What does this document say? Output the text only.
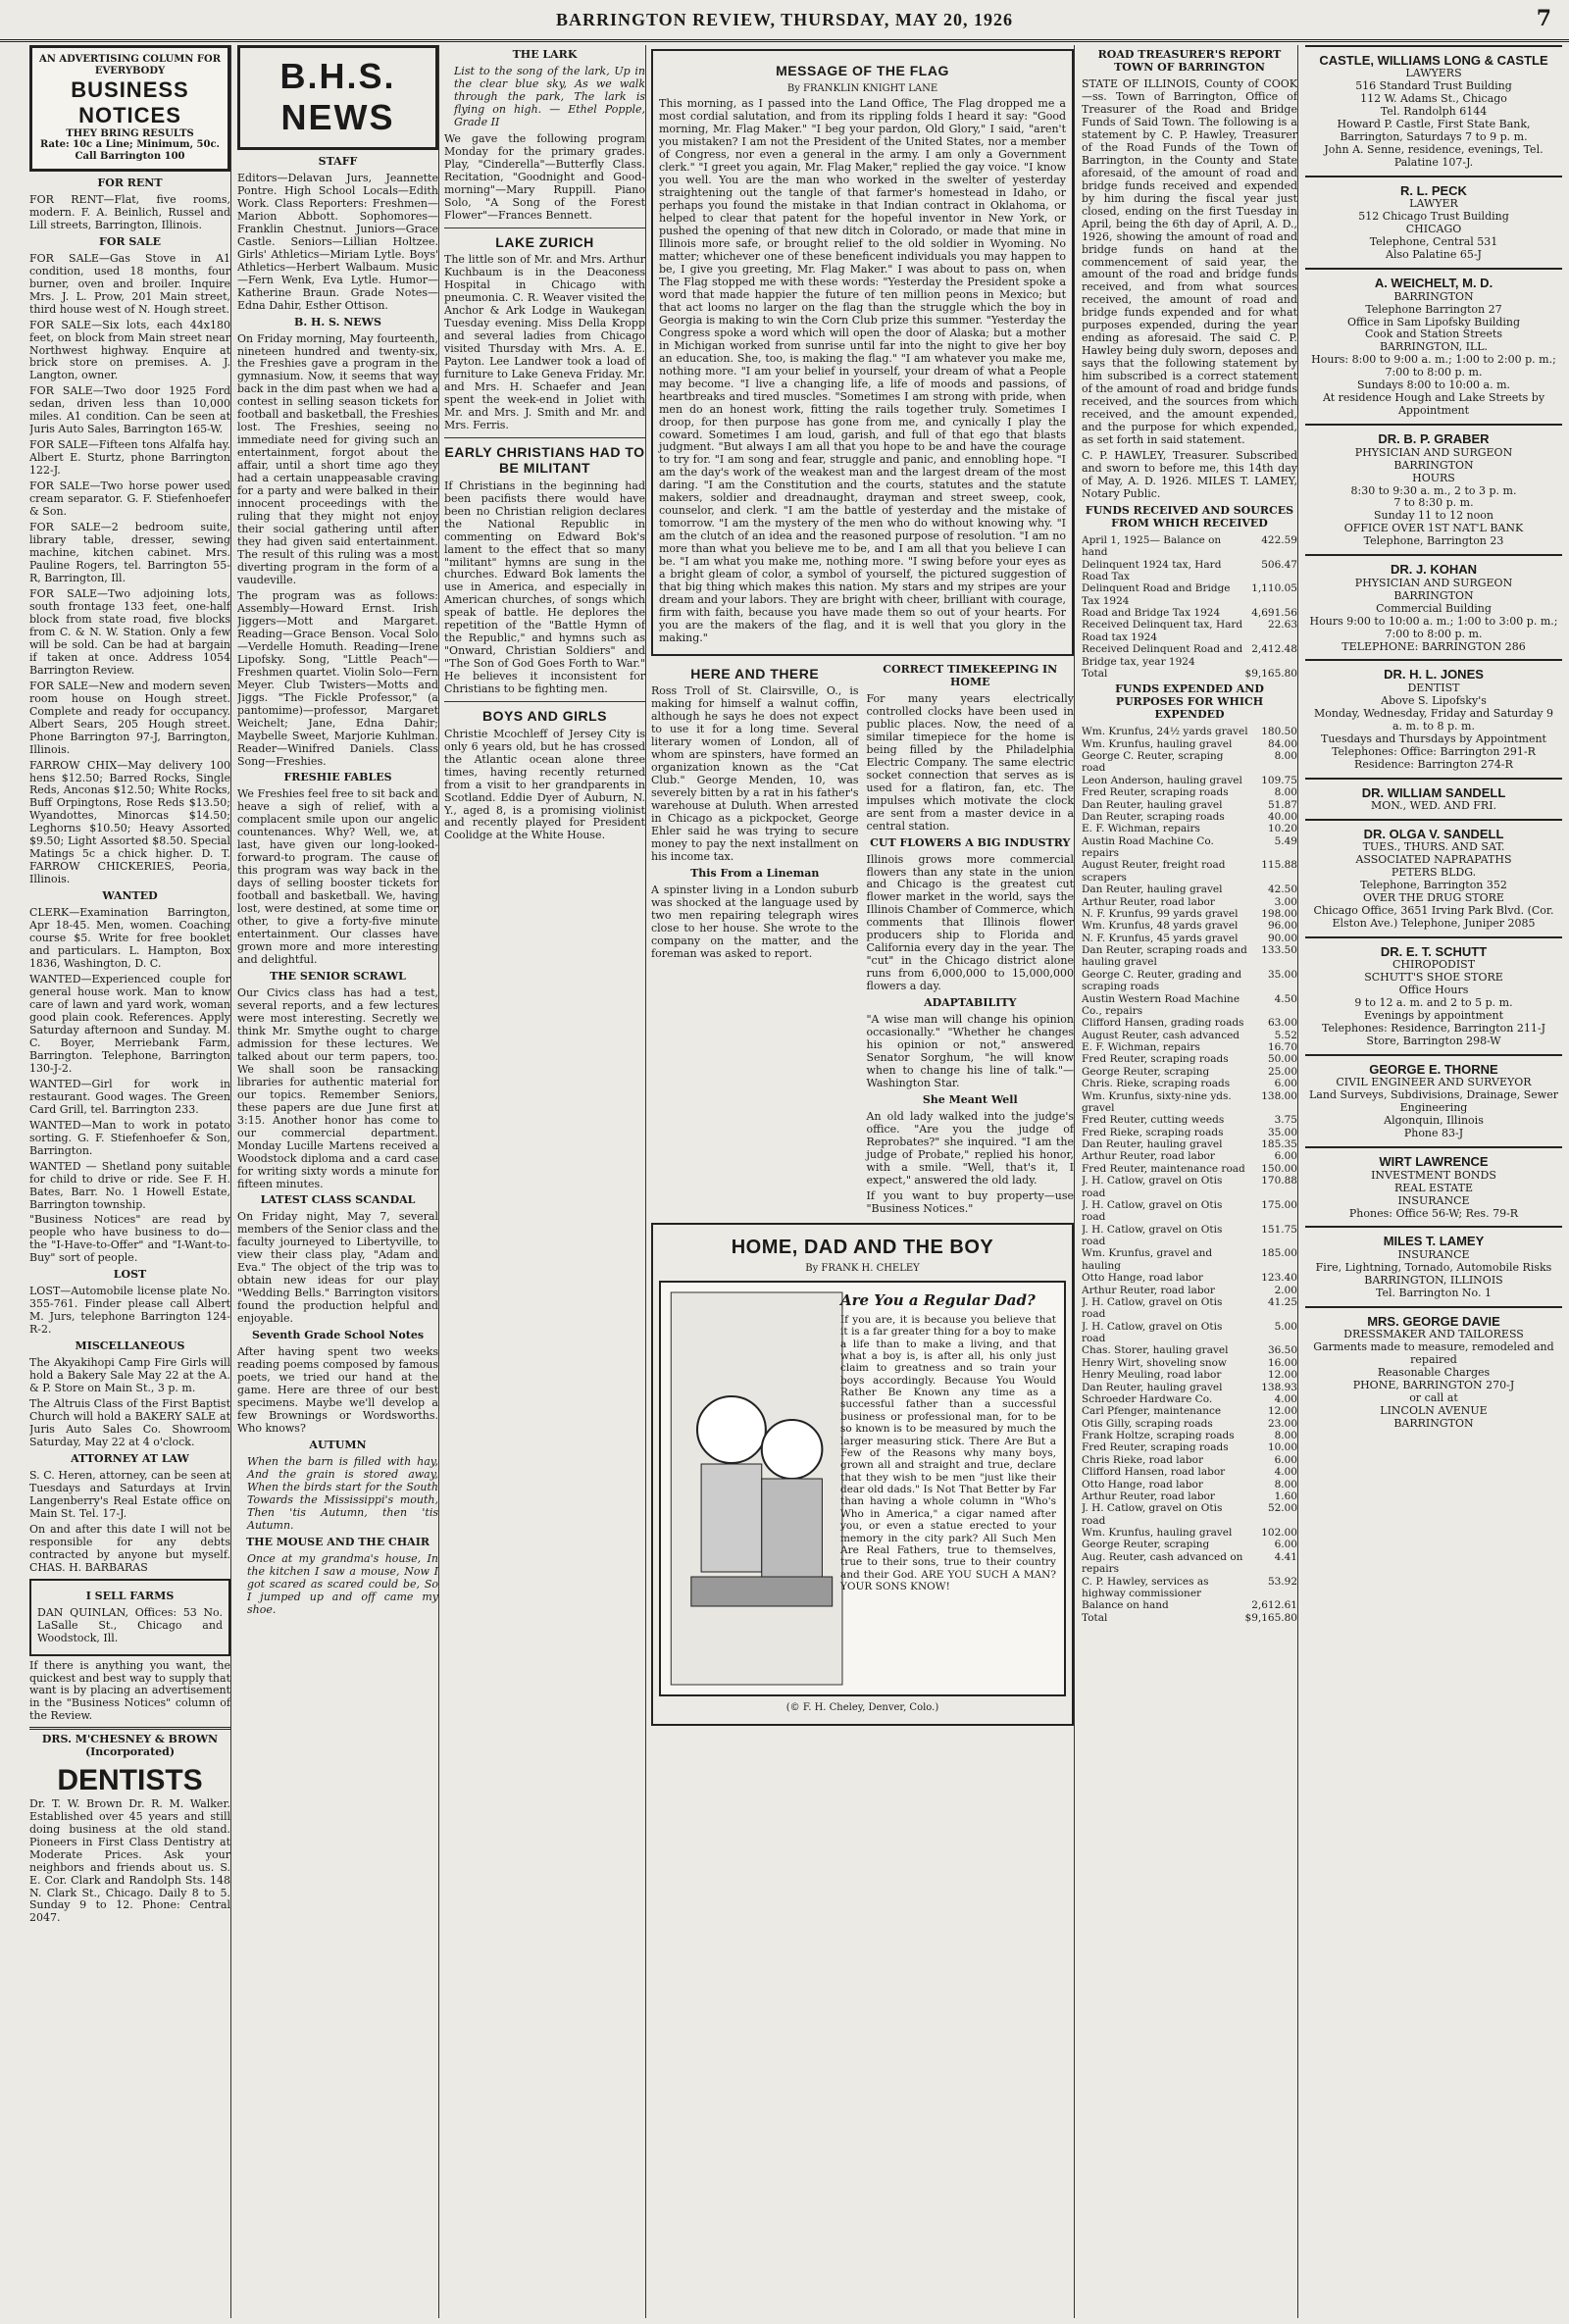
BARRINGTON REVIEW, THURSDAY, MAY 20, 1926	7
AN ADVERTISING COLUMN FOR EVERYBODY
BUSINESS NOTICES
THEY BRING RESULTS
Rate: 10c a Line; Minimum, 50c. Call Barrington 100
FOR RENT

FOR RENT—Flat, five rooms, modern. F. A. Beinlich, Russel and Lill streets, Barrington, Illinois.

FOR SALE

FOR SALE—Gas Stove in A1 condition, used 18 months, four burner, oven and broiler. Inquire Mrs. J. L. Prow, 201 Main street, third house west of N. Hough street.

FOR SALE—Six lots, each 44x180 feet, on block from Main street near Northwest highway. Enquire at brick store on premises. A. J. Langton, owner.

FOR SALE—Two door 1925 Ford sedan, driven less than 10,000 miles. A1 condition. Can be seen at Juris Auto Sales, Barrington 165-W.

FOR SALE—Fifteen tons Alfalfa hay. Albert E. Sturtz, phone Barrington 122-J.

FOR SALE—Two horse power used cream separator. G. F. Stiefenhoefer & Son.

FOR SALE—2 bedroom suite, library table, dresser, sewing machine, kitchen cabinet. Mrs. Pauline Rogers, tel. Barrington 55-R, Barrington, Ill.

FOR SALE—Two adjoining lots, south frontage 133 feet, one-half block from state road, five blocks from C. & N. W. Station. Only a few will be sold. Can be had at bargain if taken at once. Address 1054 Barrington Review.

FOR SALE—New and modern seven room house on Hough street. Complete and ready for occupancy. Albert Sears, 205 Hough street. Phone Barrington 97-J, Barrington, Illinois.

FARROW CHIX—May delivery 100 hens $12.50; Barred Rocks, Single Reds, Anconas $12.50; White Rocks, Buff Orpingtons, Rose Reds $13.50; Wyandottes, Minorcas $14.50; Leghorns $10.50; Heavy Assorted $9.50; Light Assorted $8.50. Special Matings 5c a chick higher. D. T. FARROW CHICKERIES, Peoria, Illinois.

WANTED

CLERK—Examination Barrington, Apr 18-45. Men, women. Coaching course $5. Write for free booklet and particulars. L. Hampton, Box 1836, Washington, D. C.

WANTED—Experienced couple for general house work. Man to know care of lawn and yard work, woman good plain cook. References. Apply Saturday afternoon and Sunday. M. C. Boyer, Merriebank Farm, Barrington. Telephone, Barrington 130-J-2.

WANTED—Girl for work in restaurant. Good wages. The Green Card Grill, tel. Barrington 233.

WANTED—Man to work in potato sorting. G. F. Stiefenhoefer & Son, Barrington.

WANTED — Shetland pony suitable for child to drive or ride. See F. H. Bates, Barr. No. 1 Howell Estate, Barrington township.

"Business Notices" are read by people who have business to do—the "I-Have-to-Offer" and "I-Want-to-Buy" sort of people.

LOST

LOST—Automobile license plate No. 355-761. Finder please call Albert M. Jurs, telephone Barrington 124-R-2.

MISCELLANEOUS

The Akyakihopi Camp Fire Girls will hold a Bakery Sale May 22 at the A. & P. Store on Main St., 3 p. m.

The Altruis Class of the First Baptist Church will hold a BAKERY SALE at Juris Auto Sales Co. Showroom Saturday, May 22 at 4 o'clock.

ATTORNEY AT LAW

S. C. Heren, attorney, can be seen at Tuesdays and Saturdays at Irvin Langenberry's Real Estate office on Main St. Tel. 17-J.

On and after this date I will not be responsible for any debts contracted by anyone but myself. CHAS. H. BARBARAS

I SELL FARMS

DAN QUINLAN, Offices: 53 No. LaSalle St., Chicago and Woodstock, Ill.

If there is anything you want, the quickest and best way to supply that want is by placing an advertisement in the "Business Notices" column of the Review.

DRS. M'CHESNEY & BROWN (Incorporated)
DENTISTS

Dr. T. W. Brown Dr. R. M. Walker. Established over 45 years and still doing business at the old stand. Pioneers in First Class Dentistry at Moderate Prices. Ask your neighbors and friends about us. S. E. Cor. Clark and Randolph Sts. 148 N. Clark St., Chicago. Daily 8 to 5. Sunday 9 to 12. Phone: Central 2047.

B.H.S. NEWS
STAFF

Editors—Delavan Jurs, Jeannette Pontre. High School Locals—Edith Work. Class Reporters: Freshmen—Marion Abbott. Sophomores—Franklin Chestnut. Juniors—Grace Castle. Seniors—Lillian Holtzee. Girls' Athletics—Miriam Lytle. Boys' Athletics—Herbert Walbaum. Music—Fern Wenk, Eva Lytle. Humor—Katherine Braun. Grade Notes—Edna Dahir, Esther Ottison.

B. H. S. NEWS

On Friday morning, May fourteenth, nineteen hundred and twenty-six, the Freshies gave a program in the gymnasium. Now, it seems that way back in the dim past when we had a contest in selling season tickets for football and basketball, the Freshies lost. The Freshies, seeing no immediate need for giving such an entertainment, forgot about the affair, until a short time ago they had a certain unappeasable craving for a party and were balked in their innocent proceedings with the ruling that they might not enjoy their social gathering until after they had given said entertainment. The result of this ruling was a most diverting program in the form of a vaudeville.

The program was as follows: Assembly—Howard Ernst. Irish Jiggers—Mott and Margaret. Reading—Grace Benson. Vocal Solo—Verdelle Homuth. Reading—Irene Lipofsky. Song, "Little Peach"—Freshmen quartet. Violin Solo—Fern Meyer. Club Twisters—Motts and Jiggs. "The Fickle Professor," (a pantomime)—professor, Margaret Weichelt; Jane, Edna Dahir; Maybelle Sweet, Marjorie Kuhlman. Reader—Winifred Daniels. Class Song—Freshies.

FRESHIE FABLES

We Freshies feel free to sit back and heave a sigh of relief, with a complacent smile upon our angelic countenances. Why? Well, we, at last, have given our long-looked-forward-to program. The cause of this program was way back in the days of selling booster tickets for football and basketball. We, having lost, were destined, at some time or other, to give a forty-five minute entertainment. Our classes have grown more and more interesting and delightful.

THE SENIOR SCRAWL

Our Civics class has had a test, several reports, and a few lectures were most interesting. Secretly we think Mr. Smythe ought to charge admission for these lectures. We talked about our term papers, too. We shall soon be ransacking libraries for authentic material for our topics. Remember Seniors, these papers are due June first at 3:15. Another honor has come to our commercial department. Monday Lucille Martens received a Woodstock diploma and a card case for writing sixty words a minute for fifteen minutes.

LATEST CLASS SCANDAL

On Friday night, May 7, several members of the Senior class and the faculty journeyed to Libertyville, to view their class play, "Adam and Eva." The object of the trip was to obtain new ideas for our play "Wedding Bells." Barrington visitors found the production helpful and enjoyable.

Seventh Grade School Notes

After having spent two weeks reading poems composed by famous poets, we tried our hand at the game. Here are three of our best specimens. Maybe we'll develop a few Brownings or Wordsworths. Who knows?

AUTUMN

When the barn is filled with hay, And the grain is stored away, When the birds start for the South Towards the Mississippi's mouth, Then 'tis Autumn, then 'tis Autumn.

THE MOUSE AND THE CHAIR

Once at my grandma's house, In the kitchen I saw a mouse, Now I got scared as scared could be, So I jumped up and off came my shoe.

THE LARK

List to the song of the lark, Up in the clear blue sky, As we walk through the park, The lark is flying on high. — Ethel Popple, Grade II

We gave the following program Monday for the primary grades. Play, "Cinderella"—Butterfly Class. Recitation, "Goodnight and Good-morning"—Mary Ruppill. Piano Solo, "A Song of the Forest Flower"—Frances Bennett.

LAKE ZURICH

The little son of Mr. and Mrs. Arthur Kuchbaum is in the Deaconess Hospital in Chicago with pneumonia. C. R. Weaver visited the Anchor & Ark Lodge in Waukegan Tuesday evening. Miss Della Kropp and several ladies from Chicago visited Thursday with Mrs. A. E. Payton. Lee Landwer took a load of furniture to Lake Geneva Friday. Mr. and Mrs. H. Schaefer and Jean spent the week-end in Joliet with Mr. and Mrs. J. Smith and Mr. and Mrs. Ferris.

EARLY CHRISTIANS HAD TO BE MILITANT

If Christians in the beginning had been pacifists there would have been no Christian religion declares the National Republic in commenting on Edward Bok's lament to the effect that so many "militant" hymns are sung in the churches. Edward Bok laments the use in America, and especially in American churches, of songs which speak of battle. He deplores the repetition of the "Battle Hymn of the Republic," and hymns such as "Onward, Christian Soldiers" and "The Son of God Goes Forth to War." He believes it inconsistent for Christians to be fighting men.

BOYS AND GIRLS

Christie Mcochleff of Jersey City is only 6 years old, but he has crossed the Atlantic ocean alone three times, having recently returned from a visit to her grandparents in Scotland. Eddie Dyer of Auburn, N. Y., aged 8, is a promising violinist and recently played for President Coolidge at the White House.

MESSAGE OF THE FLAG
By FRANKLIN KNIGHT LANE

This morning, as I passed into the Land Office, The Flag dropped me a most cordial salutation, and from its rippling folds I heard it say: "Good morning, Mr. Flag Maker." "I beg your pardon, Old Glory," I said, "aren't you mistaken? I am not the President of the United States, nor a member of Congress, nor even a general in the army. I am only a Government clerk." "I greet you again, Mr. Flag Maker," replied the gay voice. "I know you well. You are the man who worked in the swelter of yesterday straightening out the tangle of that farmer's homestead in Idaho, or perhaps you found the mistake in that Indian contract in Oklahoma, or helped to clear that patent for the hopeful inventor in New York, or pushed the opening of that new ditch in Colorado, or made that mine in Illinois more safe, or brought relief to the old soldier in Wyoming. No matter; whichever one of these beneficent individuals you may happen to be, I give you greeting, Mr. Flag Maker." I was about to pass on, when The Flag stopped me with these words: "Yesterday the President spoke a word that made happier the future of ten million peons in Mexico; but that act looms no larger on the flag than the struggle which the boy in Georgia is making to win the Corn Club prize this summer. "Yesterday the Congress spoke a word which will open the door of Alaska; but a mother in Michigan worked from sunrise until far into the night to give her boy an education. She, too, is making the flag." "I am whatever you make me, nothing more. "I am your belief in yourself, your dream of what a People may become. "I live a changing life, a life of moods and passions, of heartbreaks and tired muscles. "Sometimes I am strong with pride, when men do an honest work, fitting the rails together truly. Sometimes I droop, for then purpose has gone from me, and cynically I play the coward. Sometimes I am loud, garish, and full of that ego that blasts judgment. "But always I am all that you hope to be and have the courage to try for. "I am song and fear, struggle and panic, and ennobling hope. "I am the day's work of the weakest man and the largest dream of the most daring. "I am the Constitution and the courts, statutes and the statute makers, soldier and dreadnaught, drayman and street sweep, cook, counselor, and clerk. "I am the battle of yesterday and the mistake of tomorrow. "I am the mystery of the men who do without knowing why. "I am the clutch of an idea and the reasoned purpose of resolution. "I am no more than what you believe me to be, and I am all that you believe I can be. "I am what you make me, nothing more. "I swing before your eyes as a bright gleam of color, a symbol of yourself, the pictured suggestion of that big thing which makes this nation. My stars and my stripes are your dream and your labors. They are bright with cheer, brilliant with courage, firm with faith, because you have made them so out of your hearts. For you are the makers of the flag, and it is well that you glory in the making."

HERE AND THERE

Ross Troll of St. Clairsville, O., is making for himself a walnut coffin, although he says he does not expect to use it for a long time. Several literary women of London, all of whom are spinsters, have formed an organization known as the "Cat Club." George Menden, 10, was severely bitten by a rat in his father's warehouse at Duluth. When arrested in Chicago as a pickpocket, George Ehler said he was trying to secure money to pay the next installment on his income tax.

This From a Lineman

A spinster living in a London suburb was shocked at the language used by two men repairing telegraph wires close to her house. She wrote to the company on the matter, and the foreman was asked to report.

CORRECT TIMEKEEPING IN HOME

For many years electrically controlled clocks have been used in public places. Now, the need of a similar timepiece for the home is being filled by the Philadelphia Electric Company. The same electric socket connection that serves as is used for a flatiron, fan, etc. The impulses which motivate the clock are sent from a master device in a central station.

CUT FLOWERS A BIG INDUSTRY

Illinois grows more commercial flowers than any state in the union and Chicago is the greatest cut flower market in the world, says the Illinois Chamber of Commerce, which comments that Illinois flower producers ship to Florida and California every day in the year. The "cut" in the Chicago district alone runs from 6,000,000 to 15,000,000 flowers a day.

ADAPTABILITY

"A wise man will change his opinion occasionally." "Whether he changes his opinion or not," answered Senator Sorghum, "he will know when to change his line of talk."—Washington Star.

She Meant Well

An old lady walked into the judge's office. "Are you the judge of Reprobates?" she inquired. "I am the judge of Probate," replied his honor, with a smile. "Well, that's it, I expect," answered the old lady.

If you want to buy property—use "Business Notices."

HOME, DAD AND THE BOY
By FRANK H. CHELEY
Are You a Regular Dad?

If you are, it is because you believe that it is a far greater thing for a boy to make a life than to make a living, and that what a boy is, is after all, his only just claim to greatness and so train your boys accordingly. Because You Would Rather Be Known any time as a successful father than a successful business or professional man, for to be so known is to be measured by much the larger measuring stick. There Are But a Few of the Reasons why many boys, grown all and straight and true, declare that they wish to be men "just like their dear old dads." Is Not That Better by Far than having a whole column in "Who's Who in America," a cigar named after you, or even a statue erected to your memory in the city park? All Such Men Are Real Fathers, true to themselves, true to their sons, true to their country and their God. ARE YOU SUCH A MAN? YOUR SONS KNOW!

(© F. H. Cheley, Denver, Colo.)
ROAD TREASURER'S REPORT TOWN OF BARRINGTON

STATE OF ILLINOIS, County of COOK—ss. Town of Barrington, Office of Treasurer of the Road and Bridge Funds of Said Town. The following is a statement by C. P. Hawley, Treasurer of the Road Funds of the Town of Barrington, in the County and State aforesaid, of the amount of road and bridge funds received and expended by him during the fiscal year just closed, ending on the first Tuesday in April, being the 6th day of April, A. D., 1926, showing the amount of road and bridge funds on hand at the commencement of said year, the amount of the road and bridge funds received, and from what sources received, the amount of road and bridge funds expended and for what purposes expended, during the year ending as aforesaid. The said C. P. Hawley being duly sworn, deposes and says that the following statement by him subscribed is a correct statement of the amount of road and bridge funds received, and the sources from which received, and the amount expended, and the purpose for which expended, as set forth in said statement.

C. P. HAWLEY, Treasurer. Subscribed and sworn to before me, this 14th day of May, A. D. 1926. MILES T. LAMEY, Notary Public.

FUNDS RECEIVED AND SOURCES FROM WHICH RECEIVED
April 1, 1925— Balance on hand
422.59
Delinquent 1924 tax, Hard Road Tax
506.47
Delinquent Road and Bridge Tax 1924
1,110.05
Road and Bridge Tax 1924	4,691.56
Received Delinquent tax, Hard Road tax 1924
22.63
Received Delinquent Road and Bridge tax, year 1924
2,412.48
Total	$9,165.80
FUNDS EXPENDED AND PURPOSES FOR WHICH EXPENDED
Wm. Krunfus, 24½ yards gravel	180.50
Wm. Krunfus, hauling gravel	84.00
George C. Reuter, scraping road
8.00
Leon Anderson, hauling gravel	109.75
Fred Reuter, scraping roads	8.00
Dan Reuter, hauling gravel	51.87
Dan Reuter, scraping roads	40.00
E. F. Wichman, repairs	10.20
Austin Road Machine Co. repairs
5.49
August Reuter, freight road scrapers
115.88
Dan Reuter, hauling gravel	42.50
Arthur Reuter, road labor	3.00
N. F. Krunfus, 99 yards gravel	198.00
Wm. Krunfus, 48 yards gravel	96.00
N. F. Krunfus, 45 yards gravel	90.00
Dan Reuter, scraping roads and hauling gravel
133.50
George C. Reuter, grading and scraping roads
35.00
Austin Western Road Machine Co., repairs
4.50
Clifford Hansen, grading roads	63.00
August Reuter, cash advanced	5.52
E. F. Wichman, repairs	16.70
Fred Reuter, scraping roads	50.00
George Reuter, scraping	25.00
Chris. Rieke, scraping roads	6.00
Wm. Krunfus, sixty-nine yds. gravel
138.00
Fred Reuter, cutting weeds	3.75
Fred Rieke, scraping roads	35.00
Dan Reuter, hauling gravel	185.35
Arthur Reuter, road labor	6.00
Fred Reuter, maintenance road	150.00
J. H. Catlow, gravel on Otis road
170.88
J. H. Catlow, gravel on Otis road
175.00
J. H. Catlow, gravel on Otis road
151.75
Wm. Krunfus, gravel and hauling
185.00
Otto Hange, road labor	123.40
Arthur Reuter, road labor	2.00
J. H. Catlow, gravel on Otis road
41.25
J. H. Catlow, gravel on Otis road
5.00
Chas. Storer, hauling gravel	36.50
Henry Wirt, shoveling snow	16.00
Henry Meuling, road labor	12.00
Dan Reuter, hauling gravel	138.93
Schroeder Hardware Co.	4.00
Carl Pfenger, maintenance	12.00
Otis Gilly, scraping roads	23.00
Frank Holtze, scraping roads	8.00
Fred Reuter, scraping roads	10.00
Chris Rieke, road labor	6.00
Clifford Hansen, road labor	4.00
Otto Hange, road labor	8.00
Arthur Reuter, road labor	1.60
J. H. Catlow, gravel on Otis road
52.00
Wm. Krunfus, hauling gravel	102.00
George Reuter, scraping	6.00
Aug. Reuter, cash advanced on repairs
4.41
C. P. Hawley, services as highway commissioner
53.92
Balance on hand	2,612.61
Total	$9,165.80
CASTLE, WILLIAMS LONG & CASTLE
LAWYERS
516 Standard Trust Building
112 W. Adams St., Chicago
Tel. Randolph 6144
Howard P. Castle, First State Bank, Barrington, Saturdays 7 to 9 p. m.
John A. Senne, residence, evenings, Tel. Palatine 107-J.
R. L. PECK
LAWYER
512 Chicago Trust Building
CHICAGO
Telephone, Central 531
Also Palatine 65-J
A. WEICHELT, M. D.
BARRINGTON
Telephone Barrington 27
Office in Sam Lipofsky Building
Cook and Station Streets
BARRINGTON, ILL.
Hours: 8:00 to 9:00 a. m.; 1:00 to 2:00 p. m.; 7:00 to 8:00 p. m.
Sundays 8:00 to 10:00 a. m.
At residence Hough and Lake Streets by Appointment
DR. B. P. GRABER
PHYSICIAN AND SURGEON
BARRINGTON
HOURS
8:30 to 9:30 a. m., 2 to 3 p. m.
7 to 8:30 p. m.
Sunday 11 to 12 noon
OFFICE OVER 1ST NAT'L BANK
Telephone, Barrington 23
DR. J. KOHAN
PHYSICIAN AND SURGEON
BARRINGTON
Commercial Building
Hours 9:00 to 10:00 a. m.; 1:00 to 3:00 p. m.; 7:00 to 8:00 p. m.
TELEPHONE: BARRINGTON 286
DR. H. L. JONES
DENTIST
Above S. Lipofsky's
Monday, Wednesday, Friday and Saturday 9 a. m. to 8 p. m.
Tuesdays and Thursdays by Appointment
Telephones: Office: Barrington 291-R
Residence: Barrington 274-R
DR. WILLIAM SANDELL
MON., WED. AND FRI.
DR. OLGA V. SANDELL
TUES., THURS. AND SAT.
ASSOCIATED NAPRAPATHS
PETERS BLDG.
Telephone, Barrington 352
OVER THE DRUG STORE
Chicago Office, 3651 Irving Park Blvd. (Cor. Elston Ave.) Telephone, Juniper 2085
DR. E. T. SCHUTT
CHIROPODIST
SCHUTT'S SHOE STORE
Office Hours
9 to 12 a. m. and 2 to 5 p. m.
Evenings by appointment
Telephones: Residence, Barrington 211-J
Store, Barrington 298-W
GEORGE E. THORNE
CIVIL ENGINEER AND SURVEYOR
Land Surveys, Subdivisions, Drainage, Sewer Engineering
Algonquin, Illinois
Phone 83-J
WIRT LAWRENCE
INVESTMENT BONDS
REAL ESTATE
INSURANCE
Phones: Office 56-W; Res. 79-R
MILES T. LAMEY
INSURANCE
Fire, Lightning, Tornado, Automobile Risks
BARRINGTON, ILLINOIS
Tel. Barrington No. 1
MRS. GEORGE DAVIE
DRESSMAKER AND TAILORESS
Garments made to measure, remodeled and repaired
Reasonable Charges
PHONE, BARRINGTON 270-J
or call at
LINCOLN AVENUE
BARRINGTON
